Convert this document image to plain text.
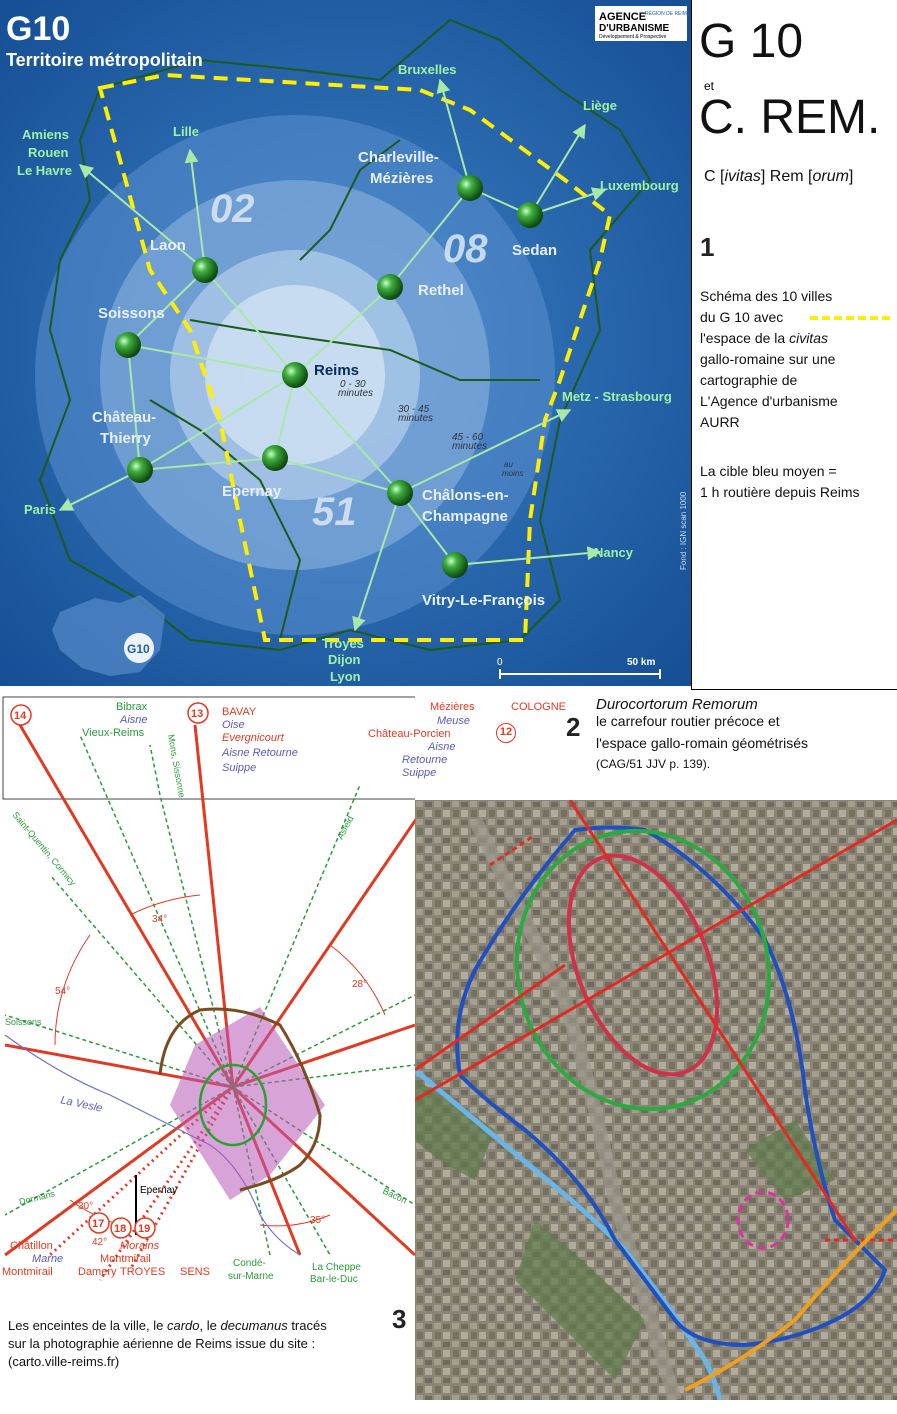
02
08
51
G10
Territoire métropolitain
AGENCE
RÉGION DE REIMS
D'URBANISME
Développement & Prospective
Reims
Laon
Soissons
Château-
Thierry
Epernay
Rethel
Charleville-
Mézières
Sedan
Châlons-en-
Champagne
Vitry-Le-François
0 - 30
minutes
30 - 45
minutes
45 - 60
minutes
au
moins
Bruxelles
Liège
Luxembourg
Lille
Amiens
Rouen
Le Havre
Metz - Strasbourg
Paris
Nancy
Troyes
Dijon
Lyon
G10
0	50 km
Fond : IGN scan 1000
G 10
et
C. REM.
C [ivitas] Rem [orum]
1
Schéma des 10 villes
du G 10 avec
l'espace de la civitas
gallo-romaine sur une
cartographie de
L'Agence d'urbanisme
AURR
La cible bleu moyen =
1 h routière depuis Reims
Epernay
14	13
17 18 19
Bibrax
Aisne
Vieux-Reims
Mons, Sissonne
Saint-Quentin, Cormicy	Asfeld
Soissons
Dormans	Bacon
Condé-
sur-Marne
La Cheppe
Bar-le-Duc
BAVAY
Oise
Evergnicourt
Aisne Retourne
Suippe
Châtillon
Marne
Montmirail
Morains
Montmirail
Damery TROYES SENS
La Vesle
34°
54°
28°
30°
42°
35°
Mézières	COLOGNE
Meuse
Château-Porcien
Aisne
Retourne
Suippe
12
Durocortorum Remorum
2 le carrefour routier précoce et
l'espace gallo-romain géométrisés
(CAG/51 JJV p. 139).
Les enceintes de la ville, le cardo, le decumanus tracés
sur la photographie aérienne de Reims issue du site :
(carto.ville-reims.fr)
3
